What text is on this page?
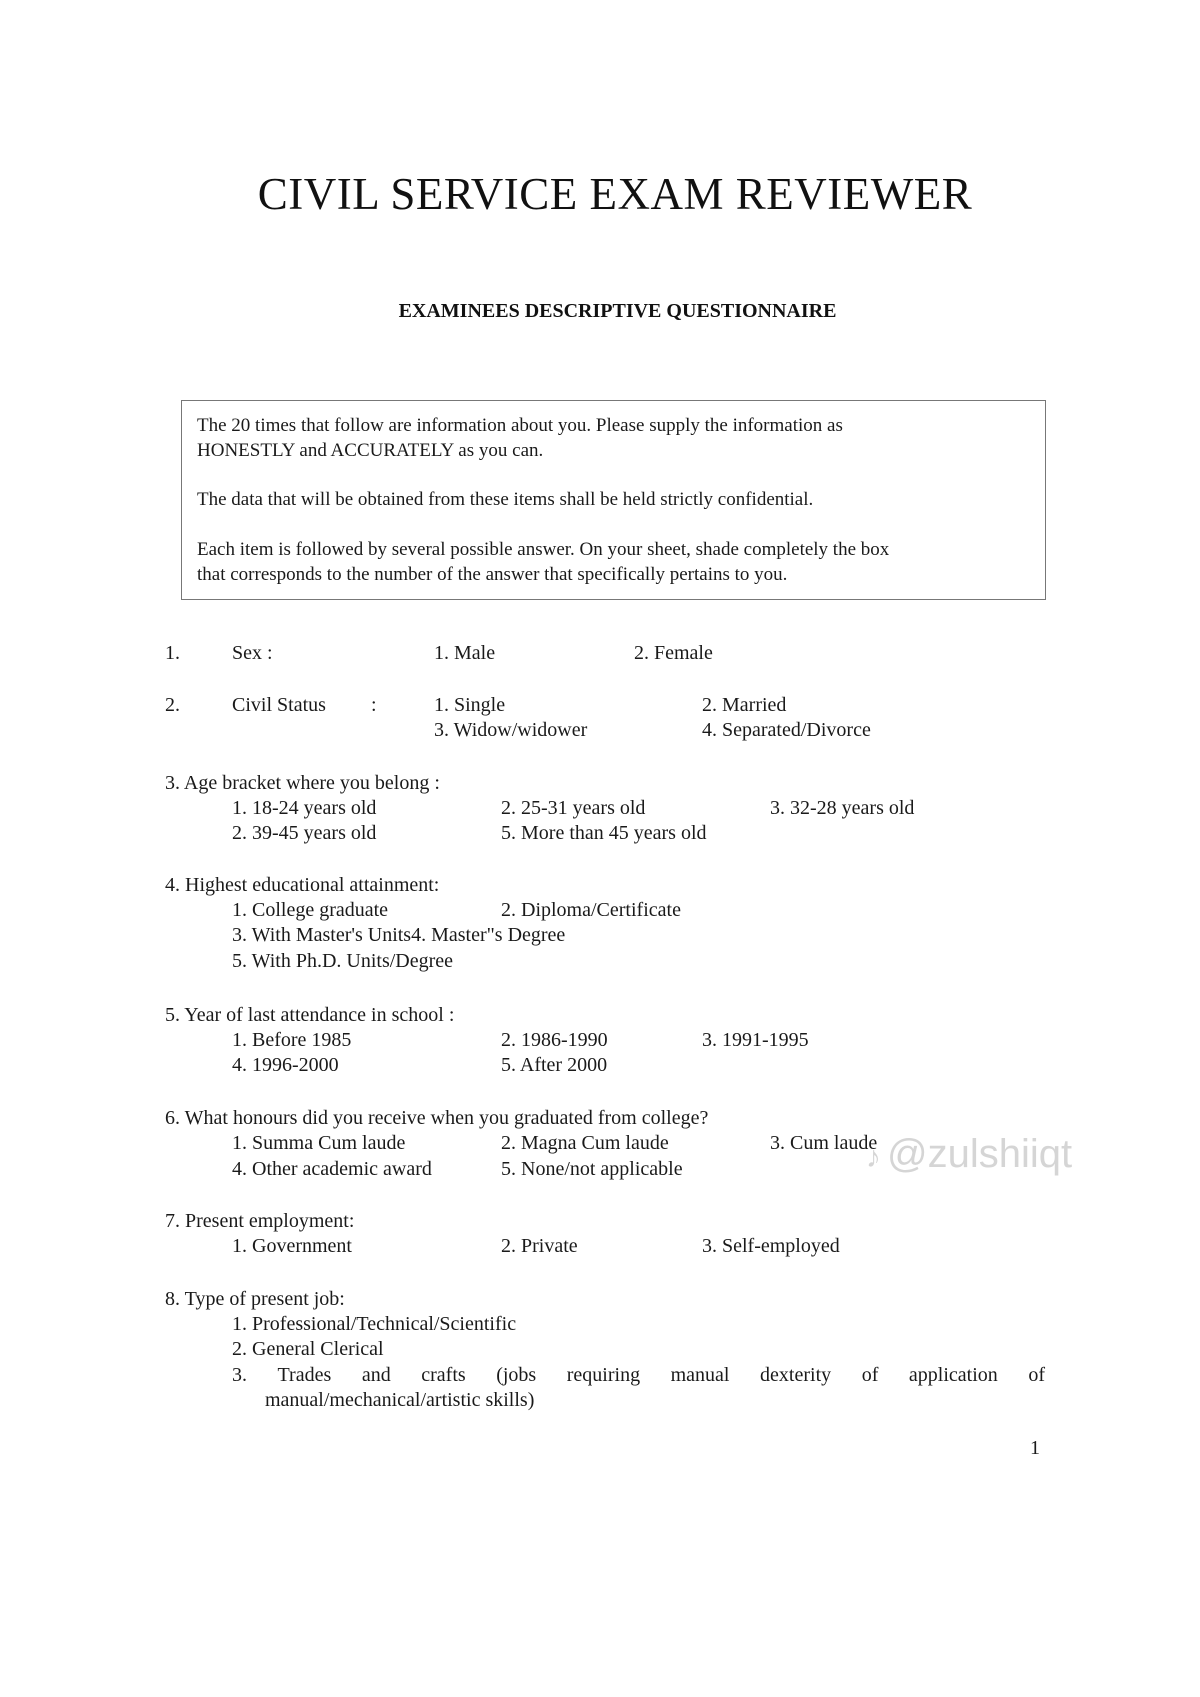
CIVIL SERVICE EXAM REVIEWER
EXAMINEES DESCRIPTIVE QUESTIONNAIRE
The 20 times that follow are information about you. Please supply the information as
HONESTLY and ACCURATELY as you can.
The data that will be obtained from these items shall be held strictly confidential.
Each item is followed by several possible answer. On your sheet, shade completely the box
that corresponds to the number of the answer that specifically pertains to you.
1.	Sex :	1. Male	2. Female
2.	Civil Status :	1. Single	2. Married
3. Widow/widower	4. Separated/Divorce
3. Age bracket where you belong :
1. 18-24 years old	2. 25-31 years old	3. 32-28 years old
2. 39-45 years old	5. More than 45 years old
4. Highest educational attainment:
1. College graduate	2. Diploma/Certificate
3. With Master's Units4. Master"s Degree
5. With Ph.D. Units/Degree
5. Year of last attendance in school :
1. Before 1985	2. 1986-1990	3. 1991-1995
4. 1996-2000	5. After 2000
6. What honours did you receive when you graduated from college?
1. Summa Cum laude	2. Magna Cum laude	3. Cum laude
4. Other academic award	5. None/not applicable	♪ @zulshiiqt
7. Present employment:
1. Government	2. Private	3. Self-employed
8. Type of present job:
1. Professional/Technical/Scientific
2. General Clerical
3. Trades and crafts (jobs requiring manual dexterity of application of
manual/mechanical/artistic skills)
1
